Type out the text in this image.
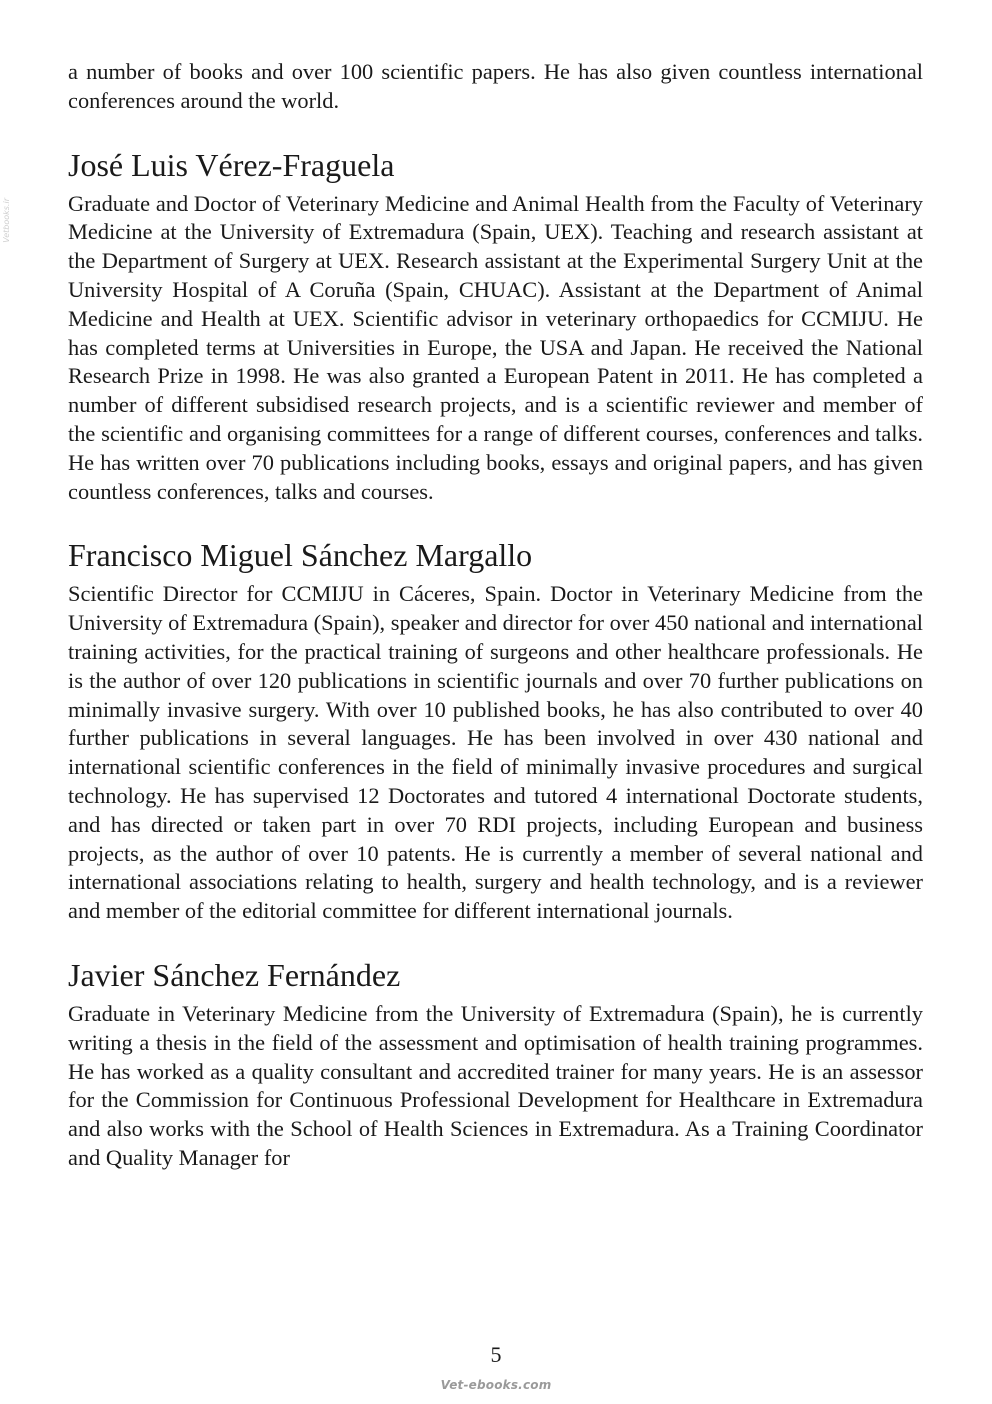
Vetbooks.ir

a number of books and over 100 scientific papers. He has also given countless international conferences around the world.

José Luis Vérez-Fraguela

Graduate and Doctor of Veterinary Medicine and Animal Health from the Faculty of Veterinary Medicine at the University of Extremadura (Spain, UEX). Teaching and research assistant at the Department of Surgery at UEX. Research assistant at the Experimental Surgery Unit at the University Hospital of A Coruña (Spain, CHUAC). Assistant at the Department of Animal Medicine and Health at UEX. Scientific advisor in veterinary orthopaedics for CCMIJU. He has completed terms at Universities in Europe, the USA and Japan. He received the National Research Prize in 1998. He was also granted a European Patent in 2011. He has completed a number of different subsidised research projects, and is a scientific reviewer and member of the scientific and organising committees for a range of different courses, conferences and talks. He has written over 70 publications including books, essays and original papers, and has given countless conferences, talks and courses.

Francisco Miguel Sánchez Margallo

Scientific Director for CCMIJU in Cáceres, Spain. Doctor in Veterinary Medicine from the University of Extremadura (Spain), speaker and director for over 450 national and international training activities, for the practical training of surgeons and other healthcare professionals. He is the author of over 120 publications in scientific journals and over 70 further publications on minimally invasive surgery. With over 10 published books, he has also contributed to over 40 further publications in several languages. He has been involved in over 430 national and international scientific conferences in the field of minimally invasive procedures and surgical technology. He has supervised 12 Doctorates and tutored 4 international Doctorate students, and has directed or taken part in over 70 RDI projects, including European and business projects, as the author of over 10 patents. He is currently a member of several national and international associations relating to health, surgery and health technology, and is a reviewer and member of the editorial committee for different international journals.

Javier Sánchez Fernández

Graduate in Veterinary Medicine from the University of Extremadura (Spain), he is currently writing a thesis in the field of the assessment and optimisation of health training programmes. He has worked as a quality consultant and accredited trainer for many years. He is an assessor for the Commission for Continuous Professional Development for Healthcare in Extremadura and also works with the School of Health Sciences in Extremadura. As a Training Coordinator and Quality Manager for

5

Vet-ebooks.com
